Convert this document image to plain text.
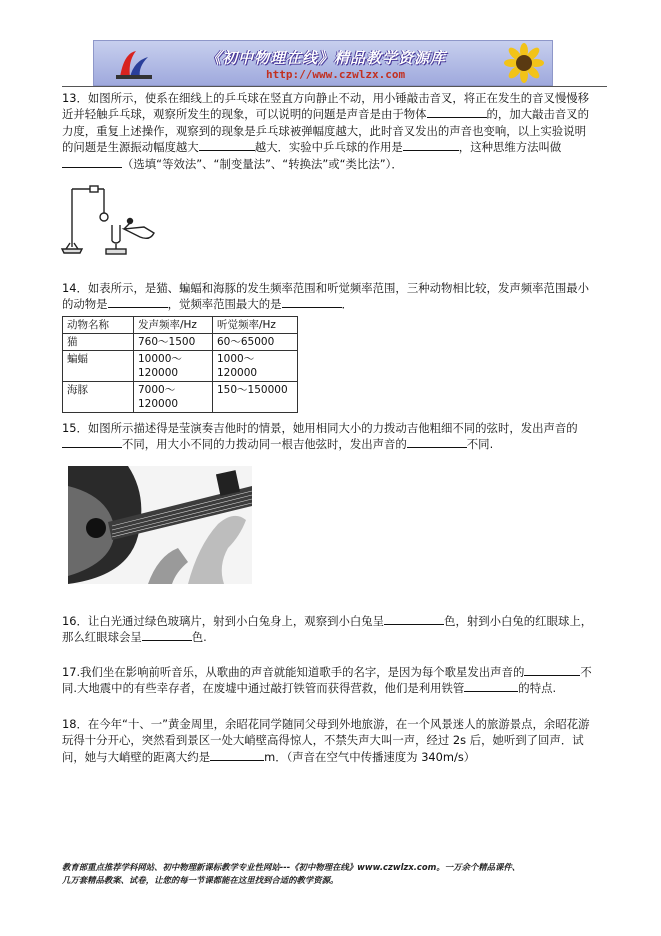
《初中物理在线》精品教学资源库
http://www.czwlzx.com
13．如图所示，使系在细线上的乒乓球在竖直方向静止不动，用小锤敲击音叉，将正在发生的音叉慢慢移近并轻触乒乓球，观察所发生的现象，可以说明的问题是声音是由于物体	的，加大敲击音叉的力度，重复上述操作，观察到的现象是乒乓球被弹幅度越大，此时音叉发出的声音也变响，以上实验说明的问题是生源振动幅度越大	越大．实验中乒乓球的作用是	，这种思维方法叫做（选填“等效法”、“制变量法”、“转换法”或“类比法”）．
14．如表所示，是猫、蝙蝠和海豚的发生频率范围和听觉频率范围，三种动物相比较，发声频率范围最小的动物是	，觉频率范围最大的是	．
动物名称	发声频率/Hz	听觉频率/Hz
猫	760～1500	60～65000
蝙蝠	10000～120000	1000～120000
海豚	7000～120000	150～150000
15．如图所示描述得是莹演奏吉他时的情景，她用相同大小的力拨动吉他粗细不同的弦时，发出声音的不同，用大小不同的力拨动同一根吉他弦时，发出声音的	不同.
16．让白光通过绿色玻璃片，射到小白兔身上，观察到小白兔呈	色，射到小白兔的红眼球上，那么红眼球会呈	色.
17.我们坐在影响前听音乐，从歌曲的声音就能知道歌手的名字，是因为每个歌星发出声音的	不同.大地震中的有些幸存者，在废墟中通过敲打铁管而获得营救，他们是利用铁管	的特点.
18．在今年“十、一”黄金周里，余昭花同学随同父母到外地旅游，在一个风景迷人的旅游景点，余昭花游玩得十分开心，突然看到景区一处大峭壁高得惊人，不禁失声大叫一声，经过 2s 后，她听到了回声．试问，她与大峭壁的距离大约是	m．（声音在空气中传播速度为 340m/s）
教育部重点推荐学科网站、初中物理新课标教学专业性网站---《初中物理在线》www.czwlzx.com。一万余个精品课件、
几万套精品教案、试卷，让您的每一节课都能在这里找到合适的教学资源。
